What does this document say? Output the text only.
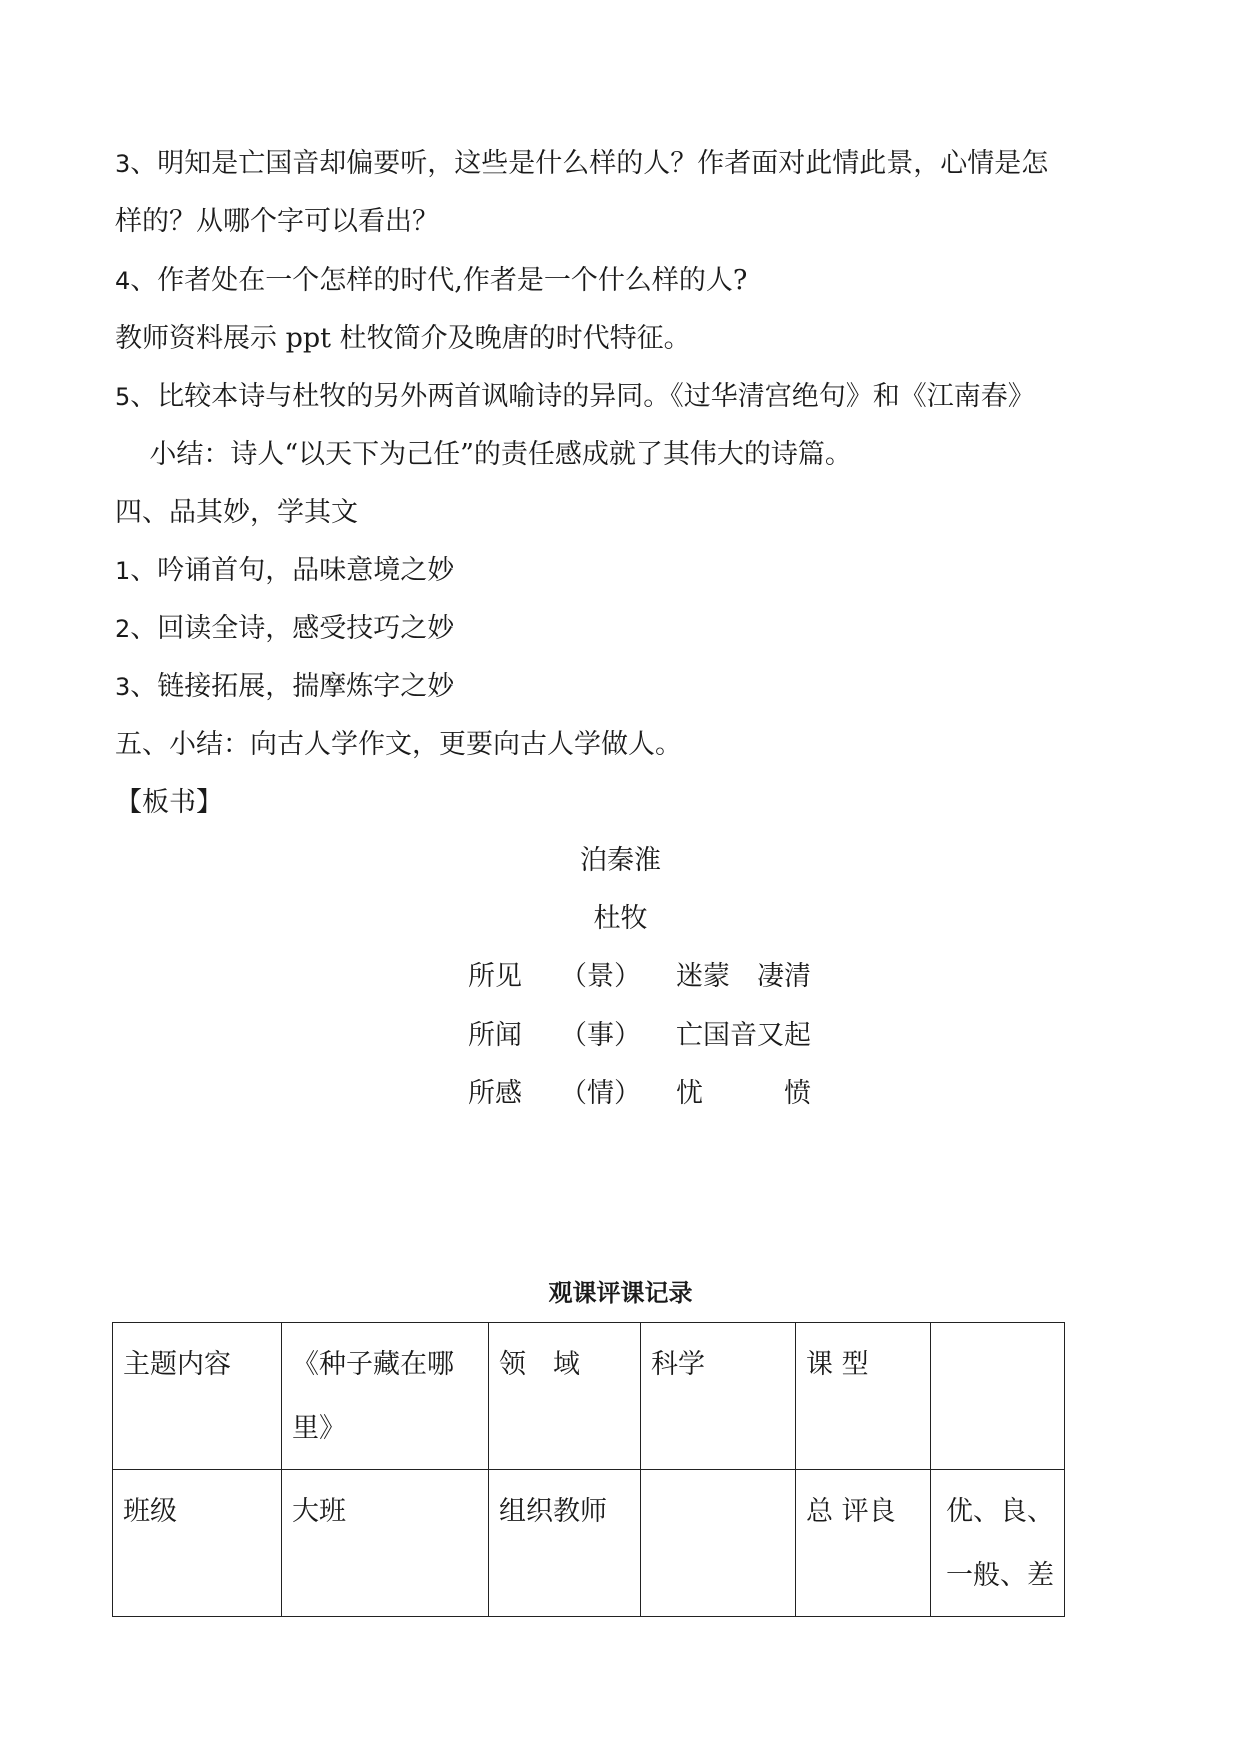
3、明知是亡国音却偏要听，这些是什么样的人？作者面对此情此景，心情是怎
样的？从哪个字可以看出？
4、作者处在一个怎样的时代,作者是一个什么样的人?
教师资料展示 ppt 杜牧简介及晚唐的时代特征。
5、比较本诗与杜牧的另外两首讽喻诗的异同。《过华清宫绝句》和《江南春》
小结：诗人“以天下为己任”的责任感成就了其伟大的诗篇。
四、品其妙，学其文
1、吟诵首句，品味意境之妙
2、回读全诗，感受技巧之妙
3、链接拓展，揣摩炼字之妙
五、小结：向古人学作文，更要向古人学做人。
【板书】
泊秦淮
杜牧
所见 （景） 迷蒙　凄清
所闻 （事） 亡国音又起
所感 （情） 忧　　　愤
观课评课记录
主题内容	《种子藏在哪里》	领　域	科学	课 型	
班级	大班	组织教师		总 评良	优、良、一般、差
